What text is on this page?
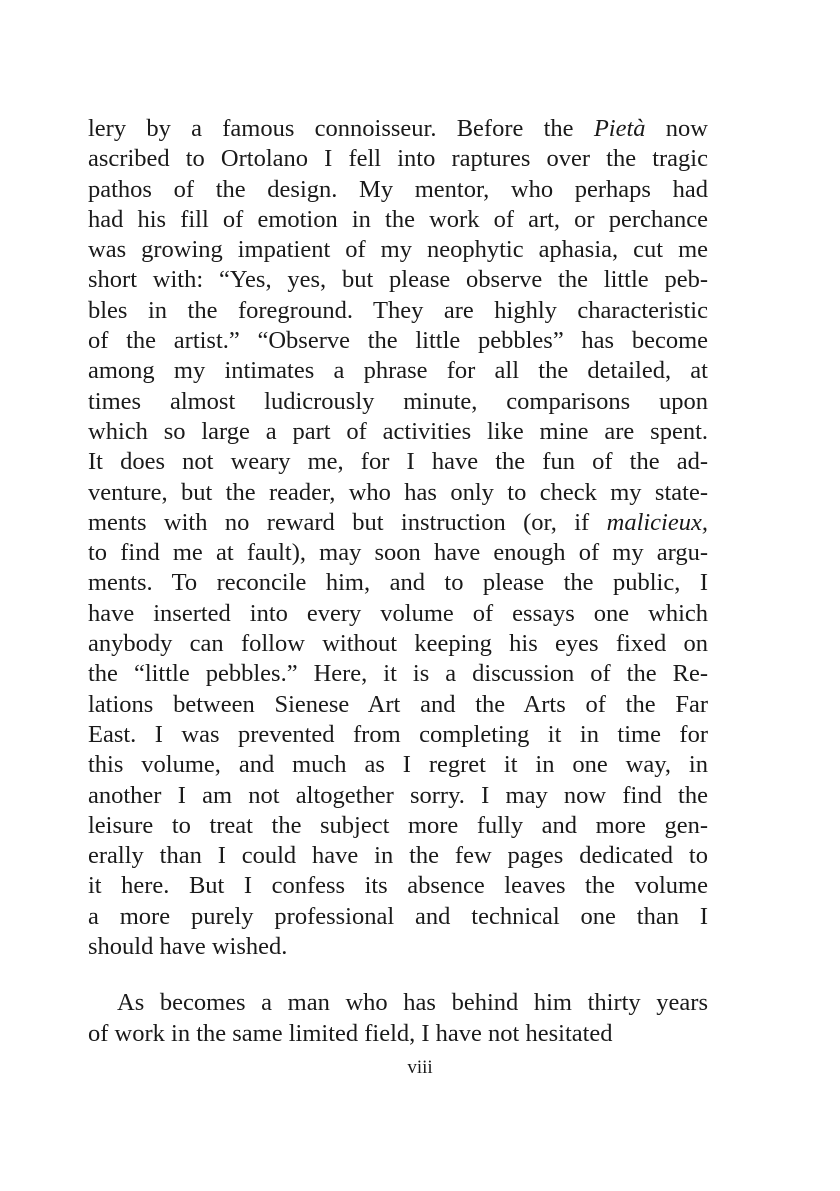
lery by a famous connoisseur. Before the Pietà now
ascribed to Ortolano I fell into raptures over the tragic
pathos of the design. My mentor, who perhaps had
had his fill of emotion in the work of art, or perchance
was growing impatient of my neophytic aphasia, cut me
short with: “Yes, yes, but please observe the little peb-
bles in the foreground. They are highly characteristic
of the artist.” “Observe the little pebbles” has become
among my intimates a phrase for all the detailed, at
times almost ludicrously minute, comparisons upon
which so large a part of activities like mine are spent.
It does not weary me, for I have the fun of the ad-
venture, but the reader, who has only to check my state-
ments with no reward but instruction (or, if malicieux,
to find me at fault), may soon have enough of my argu-
ments. To reconcile him, and to please the public, I
have inserted into every volume of essays one which
anybody can follow without keeping his eyes fixed on
the “little pebbles.” Here, it is a discussion of the Re-
lations between Sienese Art and the Arts of the Far
East. I was prevented from completing it in time for
this volume, and much as I regret it in one way, in
another I am not altogether sorry. I may now find the
leisure to treat the subject more fully and more gen-
erally than I could have in the few pages dedicated to
it here. But I confess its absence leaves the volume
a more purely professional and technical one than I
should have wished.
As becomes a man who has behind him thirty years
of work in the same limited field, I have not hesitated
viii
